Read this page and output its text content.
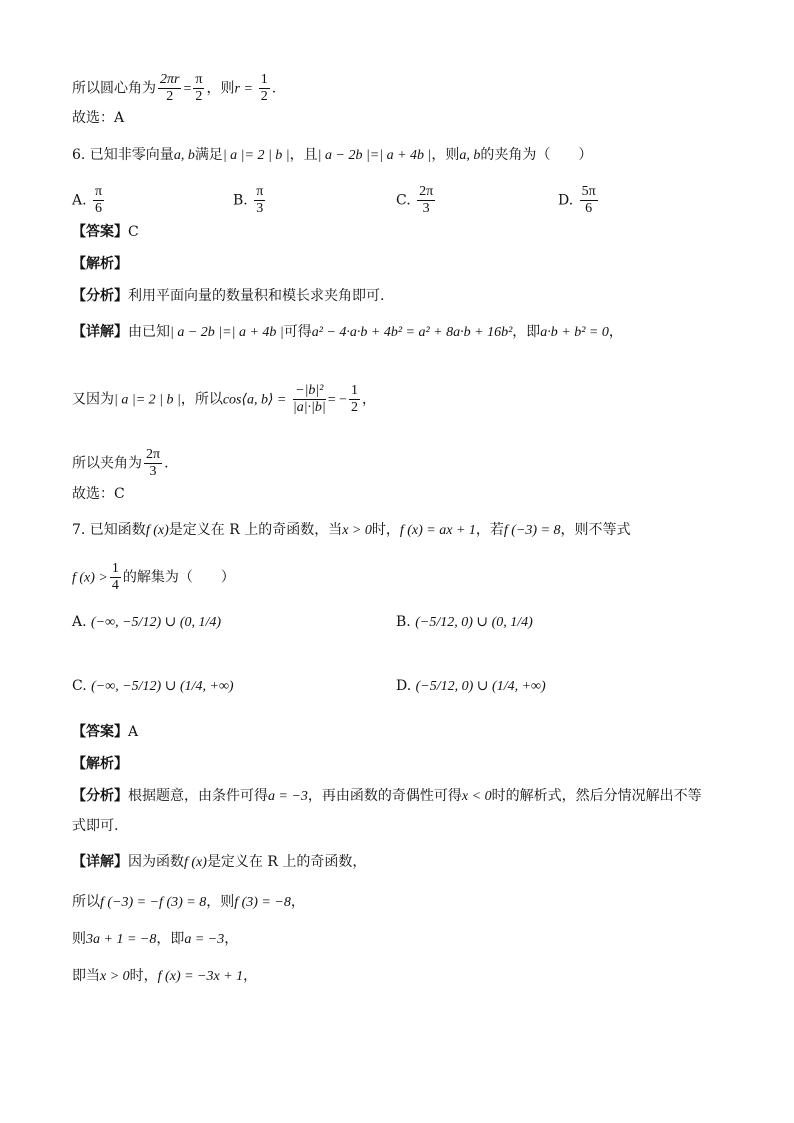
所以圆心角为 $\frac{2\pi r}{2} = \frac{\pi}{2}$ ，则$r = \frac{1}{2}$ .
故选：A
6. 已知非零向量a, b满足| a |= 2 | b |，且| a − 2b |=| a + 4b |，则a, b的夹角为（　　）
A. $\frac{\pi}{6}$	B. $\frac{\pi}{3}$	C. $\frac{2\pi}{3}$	D. $\frac{5\pi}{6}$
【答案】C
【解析】
【分析】利用平面向量的数量积和模长求夹角即可.
【详解】由已知| a − 2b |=| a + 4b |可得a² − 4·a·b + 4b² = a² + 8a·b + 16b²，即a·b + b² = 0，
又因为| a |= 2 | b |，所以cos⟨a, b⟩ = $\frac{\text{−|b|²}}{|a|\cdot|b|}$ = − $\frac{1}{2}$ ，
所以夹角为 $\frac{2\pi}{3}$ .
故选：C
7. 已知函数f (x)是定义在 R 上的奇函数，当x > 0时，f (x) = ax + 1，若f (−3) = 8，则不等式
f $(x) > \frac{1}{4}$ 的解集为（　　）
A. (−∞, −5/12) ∪ (0, 1/4)	B. (−5/12, 0) ∪ (0, 1/4)
C. (−∞, −5/12) ∪ (1/4, +∞)	D. (−5/12, 0) ∪ (1/4, +∞)
【答案】A
【解析】
【分析】根据题意，由条件可得a = −3，再由函数的奇偶性可得x < 0时的解析式，然后分情况解出不等
式即可.
【详解】因为函数f (x)是定义在 R 上的奇函数，
所以f (−3) = −f (3) = 8，则f (3) = −8，
则3a + 1 = −8，即a = −3，
即当x > 0时，f (x) = −3x + 1，
